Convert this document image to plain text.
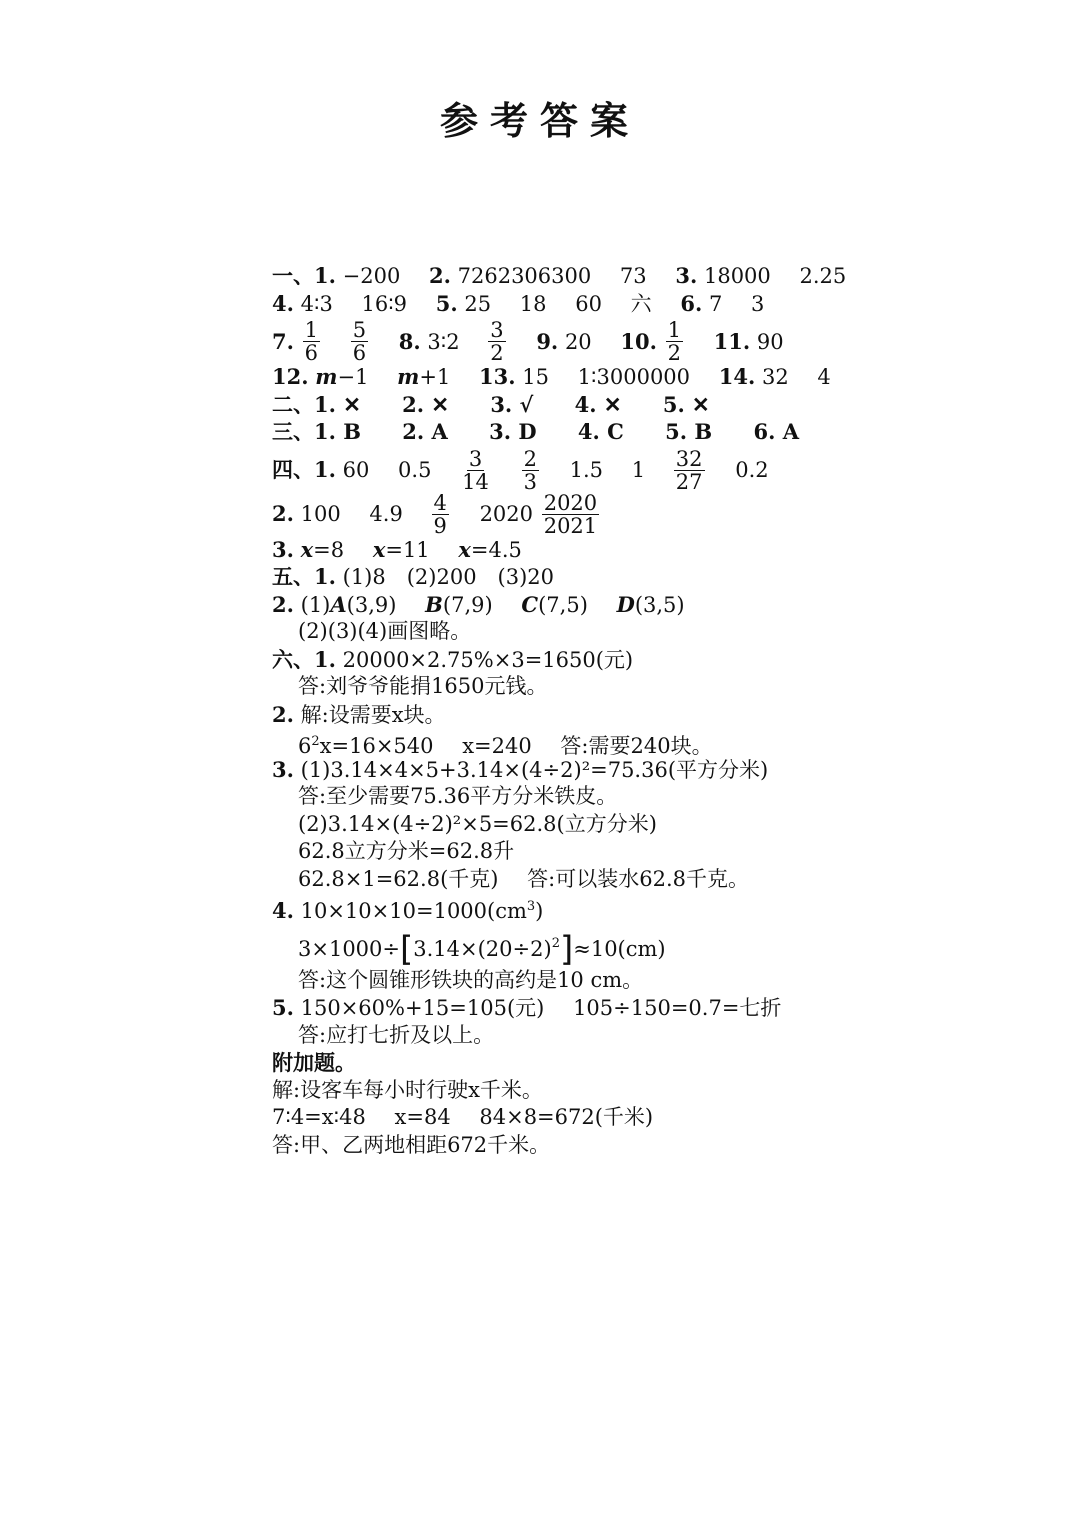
参考答案
一、1. −200 2. 7262306300 73 3. 18000 2.25
4. 4∶3 16∶9 5. 25 18 60 六 6. 7 3
7. $\frac{1}{6}$
$\frac{5}{6} 8$. 3∶2 $\frac{3}{2} 9$. 20 10. $\frac{1}{2} 11$. 90
12. m−1 m+1 13. 15 1∶3000000 14. 32 4
二、1. ✕ 2. ✕ 3. √ 4. ✕ 5. ✕
三、1. B 2. A 3. D 4. C 5. B 6. A
四、1. 60 $0.5 \frac{3}{14}$
$\frac{2}{3} 1.5$ $1 \frac{32}{27} 0.2$
2. 100 $4.9 \frac{4}{9} 2020 \frac{2020}{2021}$
3. x=8 x=11 x=4.5
五、1. (1)8　(2)200　(3)20
2. (1)A(3,9) B(7,9) C(7,5) D(3,5)
(2)(3)(4)画图略。
六、1. 20000×2.75%×3=1650(元)
答:刘爷爷能捐1650元钱。
2. 解:设需要x块。
$6^2x=16\times 540$ x=240 答:需要240块。
3. (1)3.14×4×5+3.14×(4÷2)²=75.36(平方分米)
答:至少需要75.36平方分米铁皮。
(2)3.14×(4÷2)²×5=62.8(立方分米)
62.8立方分米=62.8升
62.8×1=62.8(千克) 答:可以装水62.8千克。
4. $10\times 10\times 10=1000(cm^3)$
$3\times 1000\div[3.14\times(20\div 2)^2]\approx 10(cm)$
答:这个圆锥形铁块的高约是10 cm。
5. 150×60%+15=105(元) 105÷150=0.7=七折
答:应打七折及以上。
附加题。
解:设客车每小时行驶x千米。
7∶4=x∶48 x=84 84×8=672(千米)
答:甲、乙两地相距672千米。
